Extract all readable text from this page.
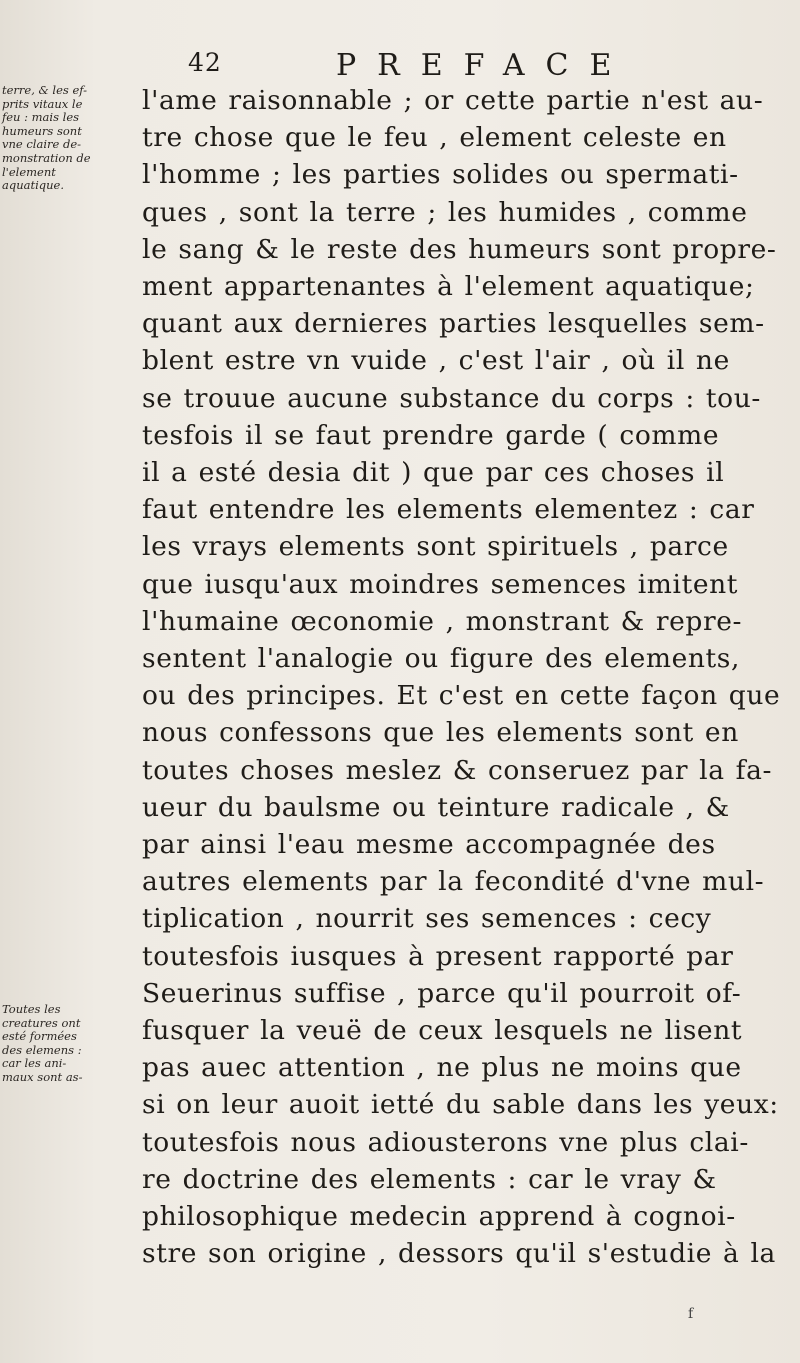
42	PREFACE
terre, & les ef-
prits vitaux le
feu : mais les
humeurs sont
vne claire de-
monstration de
l'element
aquatique.
Toutes les
creatures ont
esté formées
des elemens :
car les ani-
maux sont as-
l'ame raisonnable ; or cette partie n'est au-
tre chose que le feu , element celeste en
l'homme ; les parties solides ou spermati-
ques , sont la terre ; les humides , comme
le sang & le reste des humeurs sont propre-
ment appartenantes à l'element aquatique;
quant aux dernieres parties lesquelles sem-
blent estre vn vuide , c'est l'air , où il ne
se trouue aucune substance du corps : tou-
tesfois il se faut prendre garde ( comme
il a esté desia dit ) que par ces choses il
faut entendre les elements elementez : car
les vrays elements sont spirituels , parce
que iusqu'aux moindres semences imitent
l'humaine œconomie , monstrant & repre-
sentent l'analogie ou figure des elements,
ou des principes. Et c'est en cette façon que
nous confessons que les elements sont en
toutes choses meslez & conseruez par la fa-
ueur du baulsme ou teinture radicale , &
par ainsi l'eau mesme accompagnée des
autres elements par la fecondité d'vne mul-
tiplication , nourrit ses semences : cecy
toutesfois iusques à present rapporté par
Seuerinus suffise , parce qu'il pourroit of-
fusquer la veuë de ceux lesquels ne lisent
pas auec attention , ne plus ne moins que
si on leur auoit ietté du sable dans les yeux:
toutesfois nous adiousterons vne plus clai-
re doctrine des elements : car le vray &
philosophique medecin apprend à cognoi-
stre son origine , dessors qu'il s'estudie à la
f
